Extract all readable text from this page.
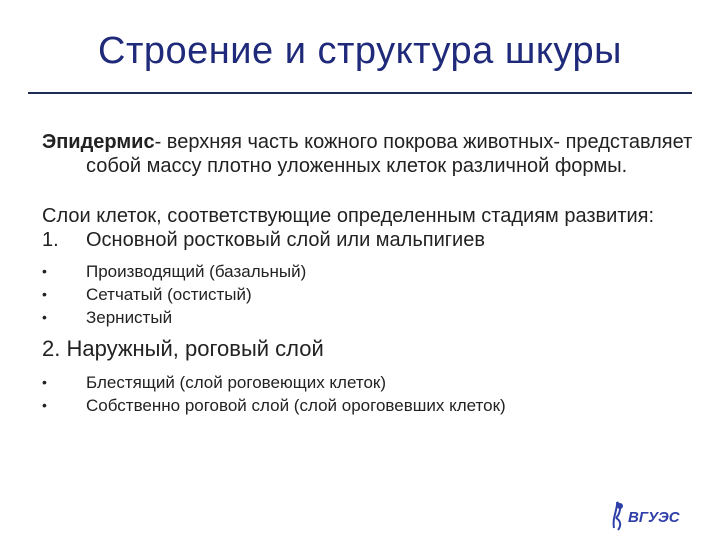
Строение и структура шкуры

Эпидермис- верхняя часть кожного покрова животных- представляет собой массу плотно уложенных клеток различной формы.

Слои клеток, соответствующие определенным стадиям развития:

1.	Основной ростковый слой или мальпигиев
•	Производящий (базальный)
•	Сетчатый (остистый)
•	Зернистый

2. Наружный, роговый слой

•	Блестящий (слой роговеющих клеток)
•	Собственно роговой слой (слой ороговевших клеток)
ВГУЭС
